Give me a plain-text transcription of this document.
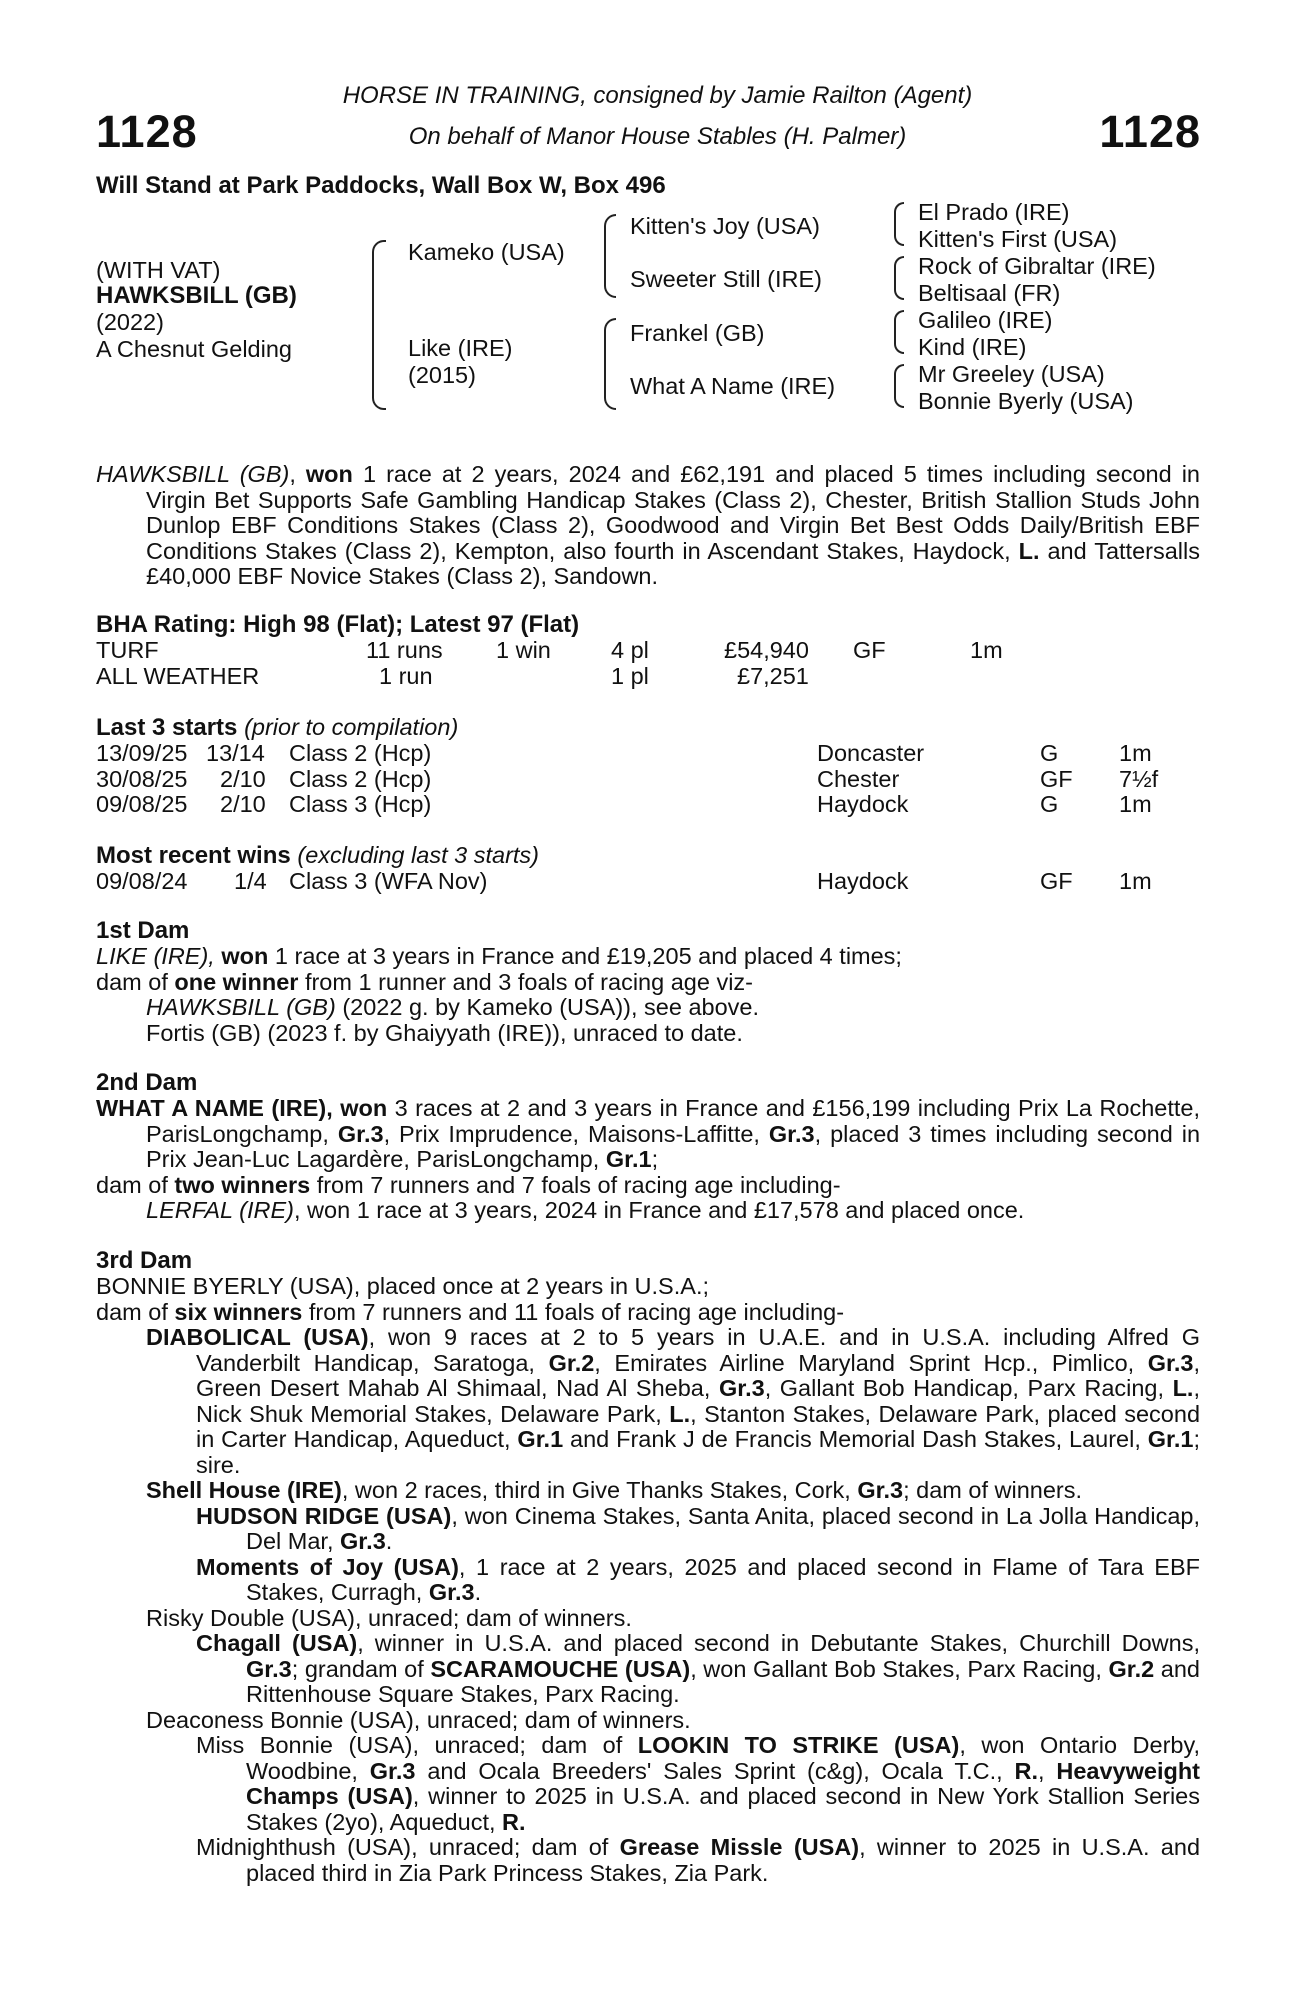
1128	1128
HORSE IN TRAINING, consigned by Jamie Railton (Agent)
On behalf of Manor House Stables (H. Palmer)
Will Stand at Park Paddocks, Wall Box W, Box 496
(WITH VAT)
HAWKSBILL (GB)
(2022)
A Chesnut Gelding
Kameko (USA)
Like (IRE)
(2015)
Kitten's Joy (USA)
Sweeter Still (IRE)
Frankel (GB)
What A Name (IRE)
El Prado (IRE)
Kitten's First (USA)
Rock of Gibraltar (IRE)
Beltisaal (FR)
Galileo (IRE)
Kind (IRE)
Mr Greeley (USA)
Bonnie Byerly (USA)

HAWKSBILL (GB), won 1 race at 2 years, 2024 and £62,191 and placed 5 times including second in Virgin Bet Supports Safe Gambling Handicap Stakes (Class 2), Chester, British Stallion Studs John Dunlop EBF Conditions Stakes (Class 2), Goodwood and Virgin Bet Best Odds Daily/British EBF Conditions Stakes (Class 2), Kempton, also fourth in Ascendant Stakes, Haydock, L. and Tattersalls £40,000 EBF Novice Stakes (Class 2), Sandown.

BHA Rating: High 98 (Flat); Latest 97 (Flat)
TURF	11 runs 1 win	4 pl	£54,940 GF	1m
ALL WEATHER	1 run	1 pl	£7,251
Last 3 starts (prior to compilation)
13/09/25 13/14 Class 2 (Hcp)	Doncaster	G	1m
30/08/25 2/10 Class 2 (Hcp)	Chester	GF 7½f
09/08/25 2/10 Class 3 (Hcp)	Haydock	G	1m
Most recent wins (excluding last 3 starts)
09/08/24 1/4 Class 3 (WFA Nov)	Haydock	GF 1m
1st Dam

LIKE (IRE), won 1 race at 3 years in France and £19,205 and placed 4 times;

dam of one winner from 1 runner and 3 foals of racing age viz-

HAWKSBILL (GB) (2022 g. by Kameko (USA)), see above.

Fortis (GB) (2023 f. by Ghaiyyath (IRE)), unraced to date.

2nd Dam

WHAT A NAME (IRE), won 3 races at 2 and 3 years in France and £156,199 including Prix La Rochette, ParisLongchamp, Gr.3, Prix Imprudence, Maisons-Laffitte, Gr.3, placed 3 times including second in Prix Jean-Luc Lagardère, ParisLongchamp, Gr.1;

dam of two winners from 7 runners and 7 foals of racing age including-

LERFAL (IRE), won 1 race at 3 years, 2024 in France and £17,578 and placed once.

3rd Dam

BONNIE BYERLY (USA), placed once at 2 years in U.S.A.;

dam of six winners from 7 runners and 11 foals of racing age including-

DIABOLICAL (USA), won 9 races at 2 to 5 years in U.A.E. and in U.S.A. including Alfred G Vanderbilt Handicap, Saratoga, Gr.2, Emirates Airline Maryland Sprint Hcp., Pimlico, Gr.3, Green Desert Mahab Al Shimaal, Nad Al Sheba, Gr.3, Gallant Bob Handicap, Parx Racing, L., Nick Shuk Memorial Stakes, Delaware Park, L., Stanton Stakes, Delaware Park, placed second in Carter Handicap, Aqueduct, Gr.1 and Frank J de Francis Memorial Dash Stakes, Laurel, Gr.1; sire.

Shell House (IRE), won 2 races, third in Give Thanks Stakes, Cork, Gr.3; dam of winners.

HUDSON RIDGE (USA), won Cinema Stakes, Santa Anita, placed second in La Jolla Handicap, Del Mar, Gr.3.

Moments of Joy (USA), 1 race at 2 years, 2025 and placed second in Flame of Tara EBF Stakes, Curragh, Gr.3.

Risky Double (USA), unraced; dam of winners.

Chagall (USA), winner in U.S.A. and placed second in Debutante Stakes, Churchill Downs, Gr.3; grandam of SCARAMOUCHE (USA), won Gallant Bob Stakes, Parx Racing, Gr.2 and Rittenhouse Square Stakes, Parx Racing.

Deaconess Bonnie (USA), unraced; dam of winners.

Miss Bonnie (USA), unraced; dam of LOOKIN TO STRIKE (USA), won Ontario Derby, Woodbine, Gr.3 and Ocala Breeders' Sales Sprint (c&g), Ocala T.C., R., Heavyweight Champs (USA), winner to 2025 in U.S.A. and placed second in New York Stallion Series Stakes (2yo), Aqueduct, R.

Midnighthush (USA), unraced; dam of Grease Missle (USA), winner to 2025 in U.S.A. and placed third in Zia Park Princess Stakes, Zia Park.
